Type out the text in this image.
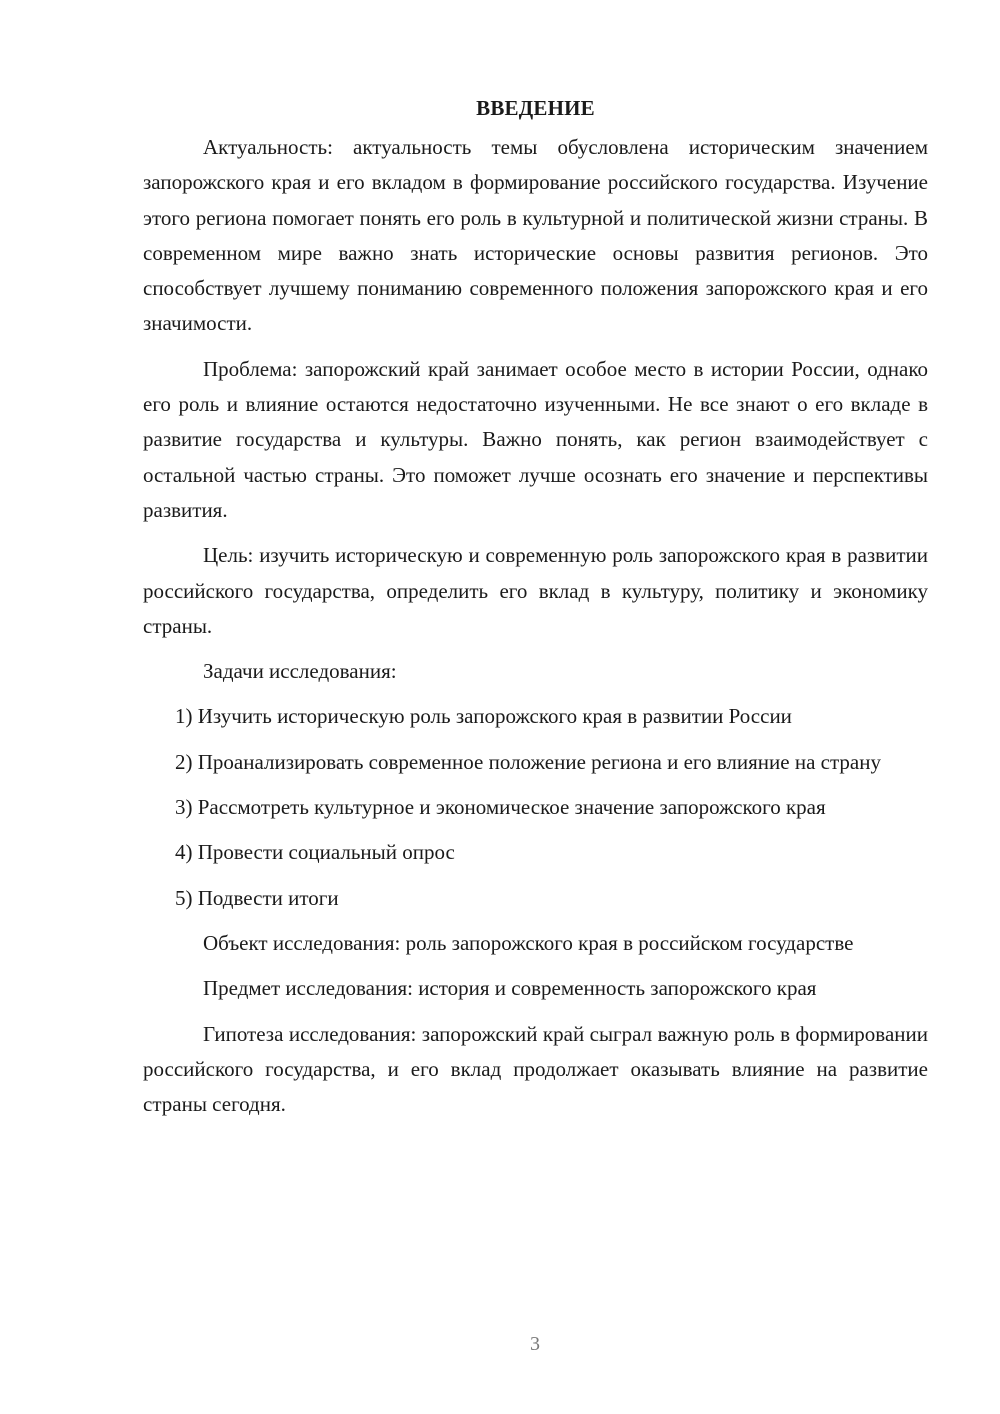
ВВЕДЕНИЕ

Актуальность: актуальность темы обусловлена историческим значением запорожского края и его вкладом в формирование российского государства. Изучение этого региона помогает понять его роль в культурной и политической жизни страны. В современном мире важно знать исторические основы развития регионов. Это способствует лучшему пониманию современного положения запорожского края и его значимости.

Проблема: запорожский край занимает особое место в истории России, однако его роль и влияние остаются недостаточно изученными. Не все знают о его вкладе в развитие государства и культуры. Важно понять, как регион взаимодействует с остальной частью страны. Это поможет лучше осознать его значение и перспективы развития.

Цель: изучить историческую и современную роль запорожского края в развитии российского государства, определить его вклад в культуру, политику и экономику страны.

Задачи исследования:

1) Изучить историческую роль запорожского края в развитии России

2) Проанализировать современное положение региона и его влияние на страну

3) Рассмотреть культурное и экономическое значение запорожского края

4) Провести социальный опрос

5) Подвести итоги

Объект исследования: роль запорожского края в российском государстве

Предмет исследования: история и современность запорожского края

Гипотеза исследования: запорожский край сыграл важную роль в формировании российского государства, и его вклад продолжает оказывать влияние на развитие страны сегодня.

3
